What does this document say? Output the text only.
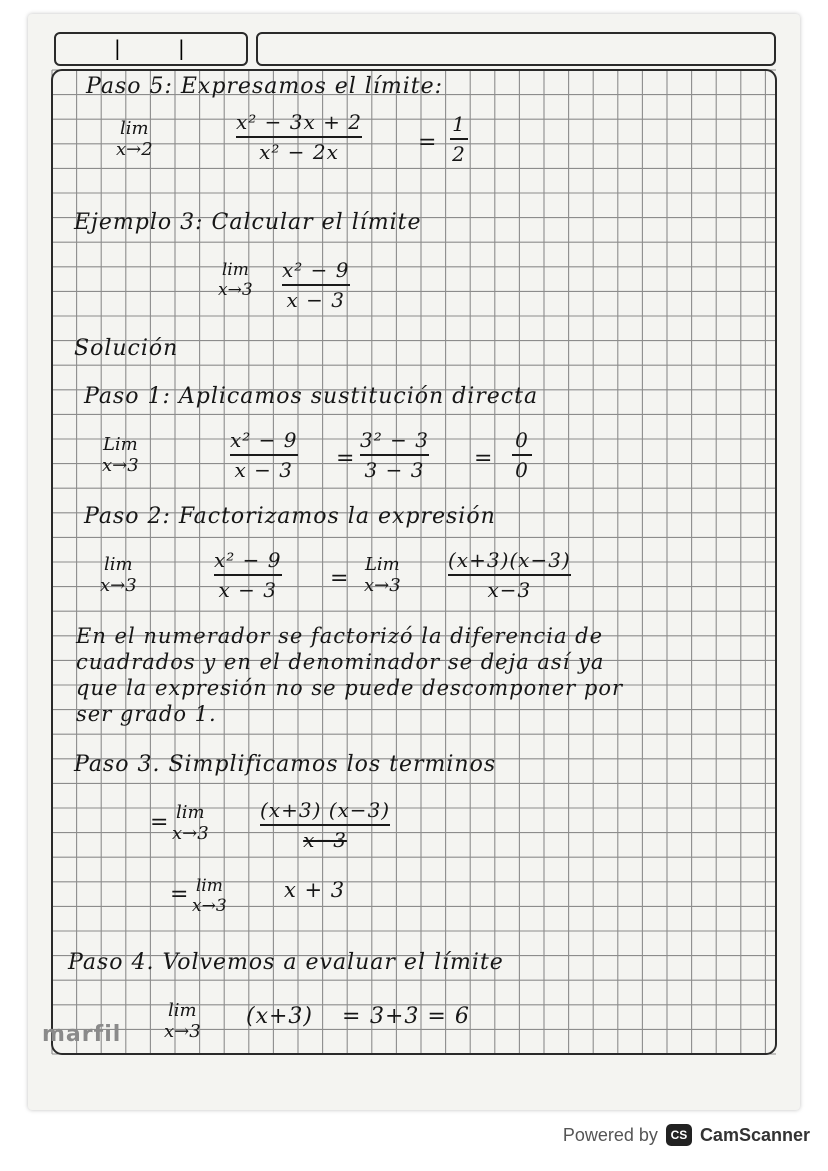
|	|
Paso 5: Expresamos el límite:
lim
x→2
x² − 3x + 2
x² − 2x	=
1
2
Ejemplo 3: Calcular el límite
lim
x→3
x² − 9
x − 3
Solución
Paso 1: Aplicamos sustitución directa
Lim
x→3
x² − 9
x − 3 =
3² − 3
3 − 3 =
0
0
Paso 2: Factorizamos la expresión
lim
x→3
x² − 9
x − 3 =
Lim
x→3
(x+3)(x−3)
x−3
En el numerador se factorizó la diferencia de
cuadrados y en el denominador se deja así ya
que la expresión no se puede descomponer por
ser grado 1.
Paso 3. Simplificamos los terminos
= lim
x→3
(x+3) (x−3)
x−3
= lim
x→3
x + 3
Paso 4. Volvemos a evaluar el límite
lim
x→3
(x+3) = 3+3 = 6
marfil
Powered by	CS CamScanner
